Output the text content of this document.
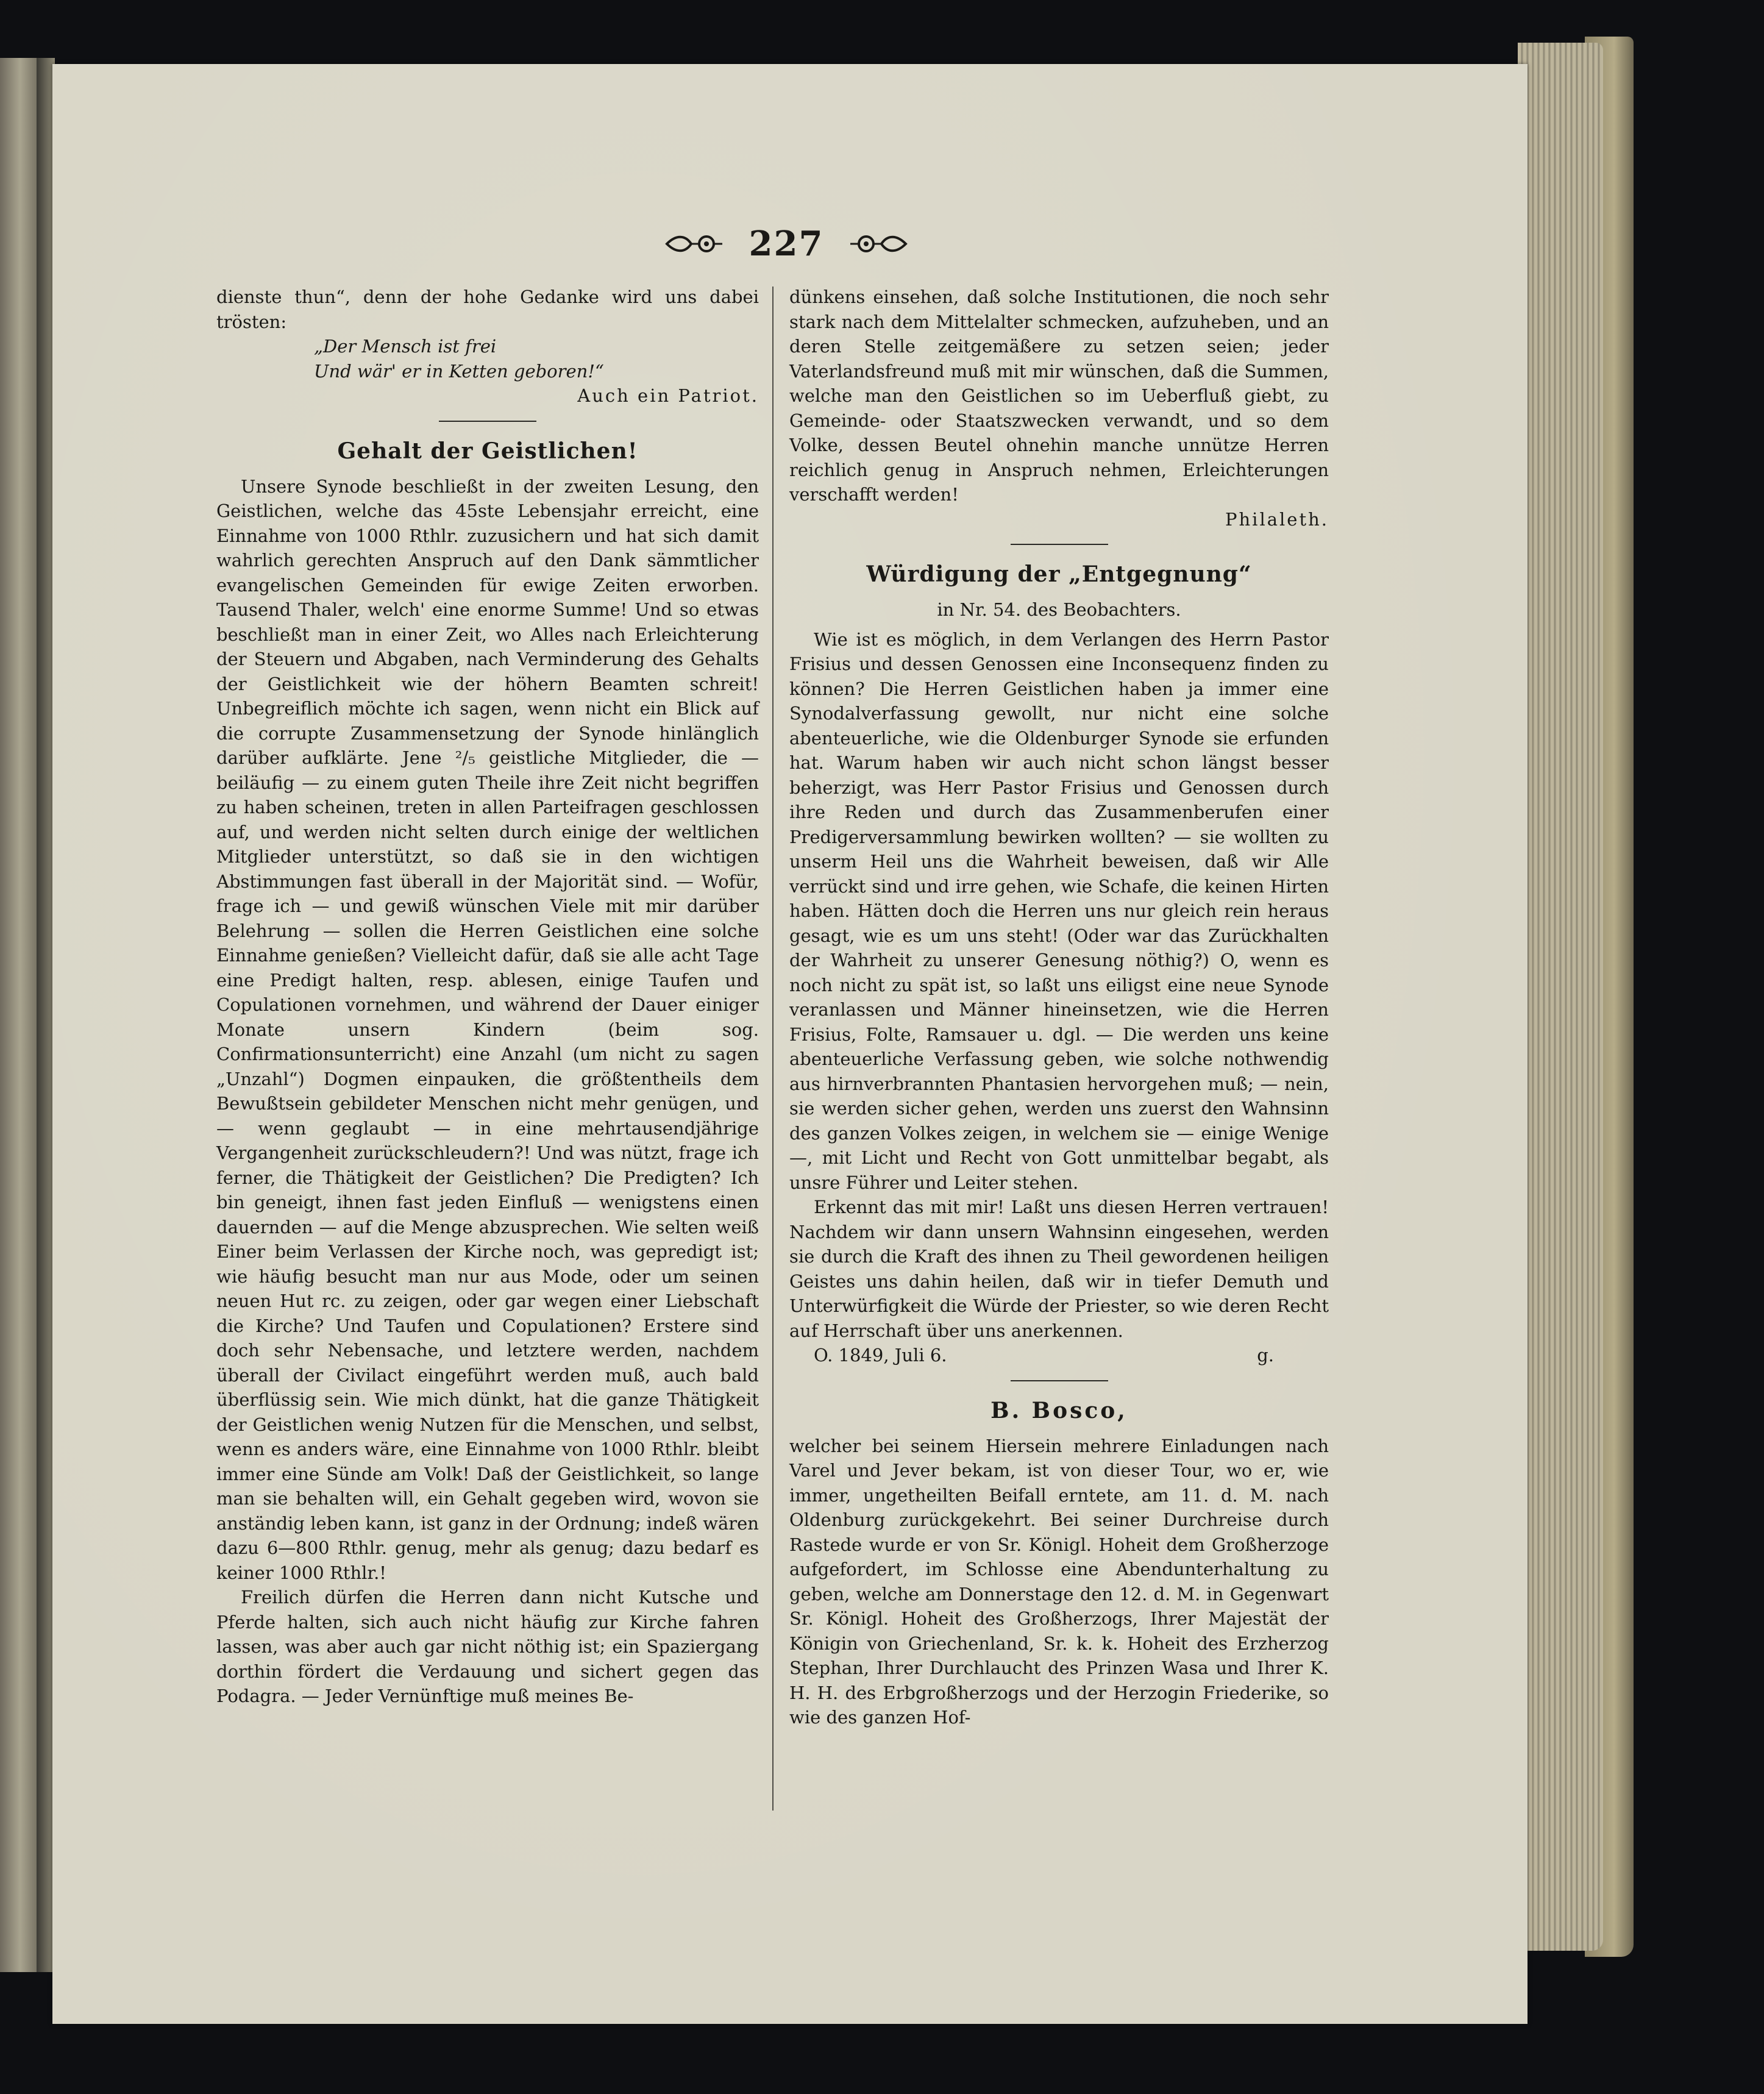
227

dienste thun“, denn der hohe Gedanke wird uns dabei trösten:

„Der Mensch ist frei

Und wär' er in Ketten geboren!“

Auch ein Patriot.

Gehalt der Geistlichen!

Unsere Synode beschließt in der zweiten Lesung, den Geistlichen, welche das 45ste Lebensjahr erreicht, eine Einnahme von 1000 Rthlr. zuzusichern und hat sich damit wahrlich gerechten Anspruch auf den Dank sämmtlicher evangelischen Gemeinden für ewige Zeiten erworben. Tausend Thaler, welch' eine enorme Summe! Und so etwas beschließt man in einer Zeit, wo Alles nach Erleichterung der Steuern und Abgaben, nach Verminderung des Gehalts der Geistlichkeit wie der höhern Beamten schreit! Unbegreiflich möchte ich sagen, wenn nicht ein Blick auf die corrupte Zusammensetzung der Synode hinlänglich darüber aufklärte. Jene ²/₅ geistliche Mitglieder, die — beiläufig — zu einem guten Theile ihre Zeit nicht begriffen zu haben scheinen, treten in allen Parteifragen geschlossen auf, und werden nicht selten durch einige der weltlichen Mitglieder unterstützt, so daß sie in den wichtigen Abstimmungen fast überall in der Majorität sind. — Wofür, frage ich — und gewiß wünschen Viele mit mir darüber Belehrung — sollen die Herren Geistlichen eine solche Einnahme genießen? Vielleicht dafür, daß sie alle acht Tage eine Predigt halten, resp. ablesen, einige Taufen und Copulationen vornehmen, und während der Dauer einiger Monate unsern Kindern (beim sog. Confirmationsunterricht) eine Anzahl (um nicht zu sagen „Unzahl“) Dogmen einpauken, die größtentheils dem Bewußtsein gebildeter Menschen nicht mehr genügen, und — wenn geglaubt — in eine mehrtausendjährige Vergangenheit zurückschleudern?! Und was nützt, frage ich ferner, die Thätigkeit der Geistlichen? Die Predigten? Ich bin geneigt, ihnen fast jeden Einfluß — wenigstens einen dauernden — auf die Menge abzusprechen. Wie selten weiß Einer beim Verlassen der Kirche noch, was gepredigt ist; wie häufig besucht man nur aus Mode, oder um seinen neuen Hut rc. zu zeigen, oder gar wegen einer Liebschaft die Kirche? Und Taufen und Copulationen? Erstere sind doch sehr Nebensache, und letztere werden, nachdem überall der Civilact eingeführt werden muß, auch bald überflüssig sein. Wie mich dünkt, hat die ganze Thätigkeit der Geistlichen wenig Nutzen für die Menschen, und selbst, wenn es anders wäre, eine Einnahme von 1000 Rthlr. bleibt immer eine Sünde am Volk! Daß der Geistlichkeit, so lange man sie behalten will, ein Gehalt gegeben wird, wovon sie anständig leben kann, ist ganz in der Ordnung; indeß wären dazu 6—800 Rthlr. genug, mehr als genug; dazu bedarf es keiner 1000 Rthlr.!

Freilich dürfen die Herren dann nicht Kutsche und Pferde halten, sich auch nicht häufig zur Kirche fahren lassen, was aber auch gar nicht nöthig ist; ein Spaziergang dorthin fördert die Verdauung und sichert gegen das Podagra. — Jeder Vernünftige muß meines Be-

dünkens einsehen, daß solche Institutionen, die noch sehr stark nach dem Mittelalter schmecken, aufzuheben, und an deren Stelle zeitgemäßere zu setzen seien; jeder Vaterlandsfreund muß mit mir wünschen, daß die Summen, welche man den Geistlichen so im Ueberfluß giebt, zu Gemeinde- oder Staatszwecken verwandt, und so dem Volke, dessen Beutel ohnehin manche unnütze Herren reichlich genug in Anspruch nehmen, Erleichterungen verschafft werden!

Philaleth.

Würdigung der „Entgegnung“
in Nr. 54. des Beobachters.

Wie ist es möglich, in dem Verlangen des Herrn Pastor Frisius und dessen Genossen eine Inconsequenz finden zu können? Die Herren Geistlichen haben ja immer eine Synodalverfassung gewollt, nur nicht eine solche abenteuerliche, wie die Oldenburger Synode sie erfunden hat. Warum haben wir auch nicht schon längst besser beherzigt, was Herr Pastor Frisius und Genossen durch ihre Reden und durch das Zusammenberufen einer Predigerversammlung bewirken wollten? — sie wollten zu unserm Heil uns die Wahrheit beweisen, daß wir Alle verrückt sind und irre gehen, wie Schafe, die keinen Hirten haben. Hätten doch die Herren uns nur gleich rein heraus gesagt, wie es um uns steht! (Oder war das Zurückhalten der Wahrheit zu unserer Genesung nöthig?) O, wenn es noch nicht zu spät ist, so laßt uns eiligst eine neue Synode veranlassen und Männer hineinsetzen, wie die Herren Frisius, Folte, Ramsauer u. dgl. — Die werden uns keine abenteuerliche Verfassung geben, wie solche nothwendig aus hirnverbrannten Phantasien hervorgehen muß; — nein, sie werden sicher gehen, werden uns zuerst den Wahnsinn des ganzen Volkes zeigen, in welchem sie — einige Wenige —, mit Licht und Recht von Gott unmittelbar begabt, als unsre Führer und Leiter stehen.

Erkennt das mit mir! Laßt uns diesen Herren vertrauen! Nachdem wir dann unsern Wahnsinn eingesehen, werden sie durch die Kraft des ihnen zu Theil gewordenen heiligen Geistes uns dahin heilen, daß wir in tiefer Demuth und Unterwürfigkeit die Würde der Priester, so wie deren Recht auf Herrschaft über uns anerkennen.

O. 1849, Juli 6.	g.
B. Bosco,

welcher bei seinem Hiersein mehrere Einladungen nach Varel und Jever bekam, ist von dieser Tour, wo er, wie immer, ungetheilten Beifall erntete, am 11. d. M. nach Oldenburg zurückgekehrt. Bei seiner Durchreise durch Rastede wurde er von Sr. Königl. Hoheit dem Großherzoge aufgefordert, im Schlosse eine Abendunterhaltung zu geben, welche am Donnerstage den 12. d. M. in Gegenwart Sr. Königl. Hoheit des Großherzogs, Ihrer Majestät der Königin von Griechenland, Sr. k. k. Hoheit des Erzherzog Stephan, Ihrer Durchlaucht des Prinzen Wasa und Ihrer K. H. H. des Erbgroßherzogs und der Herzogin Friederike, so wie des ganzen Hof-
